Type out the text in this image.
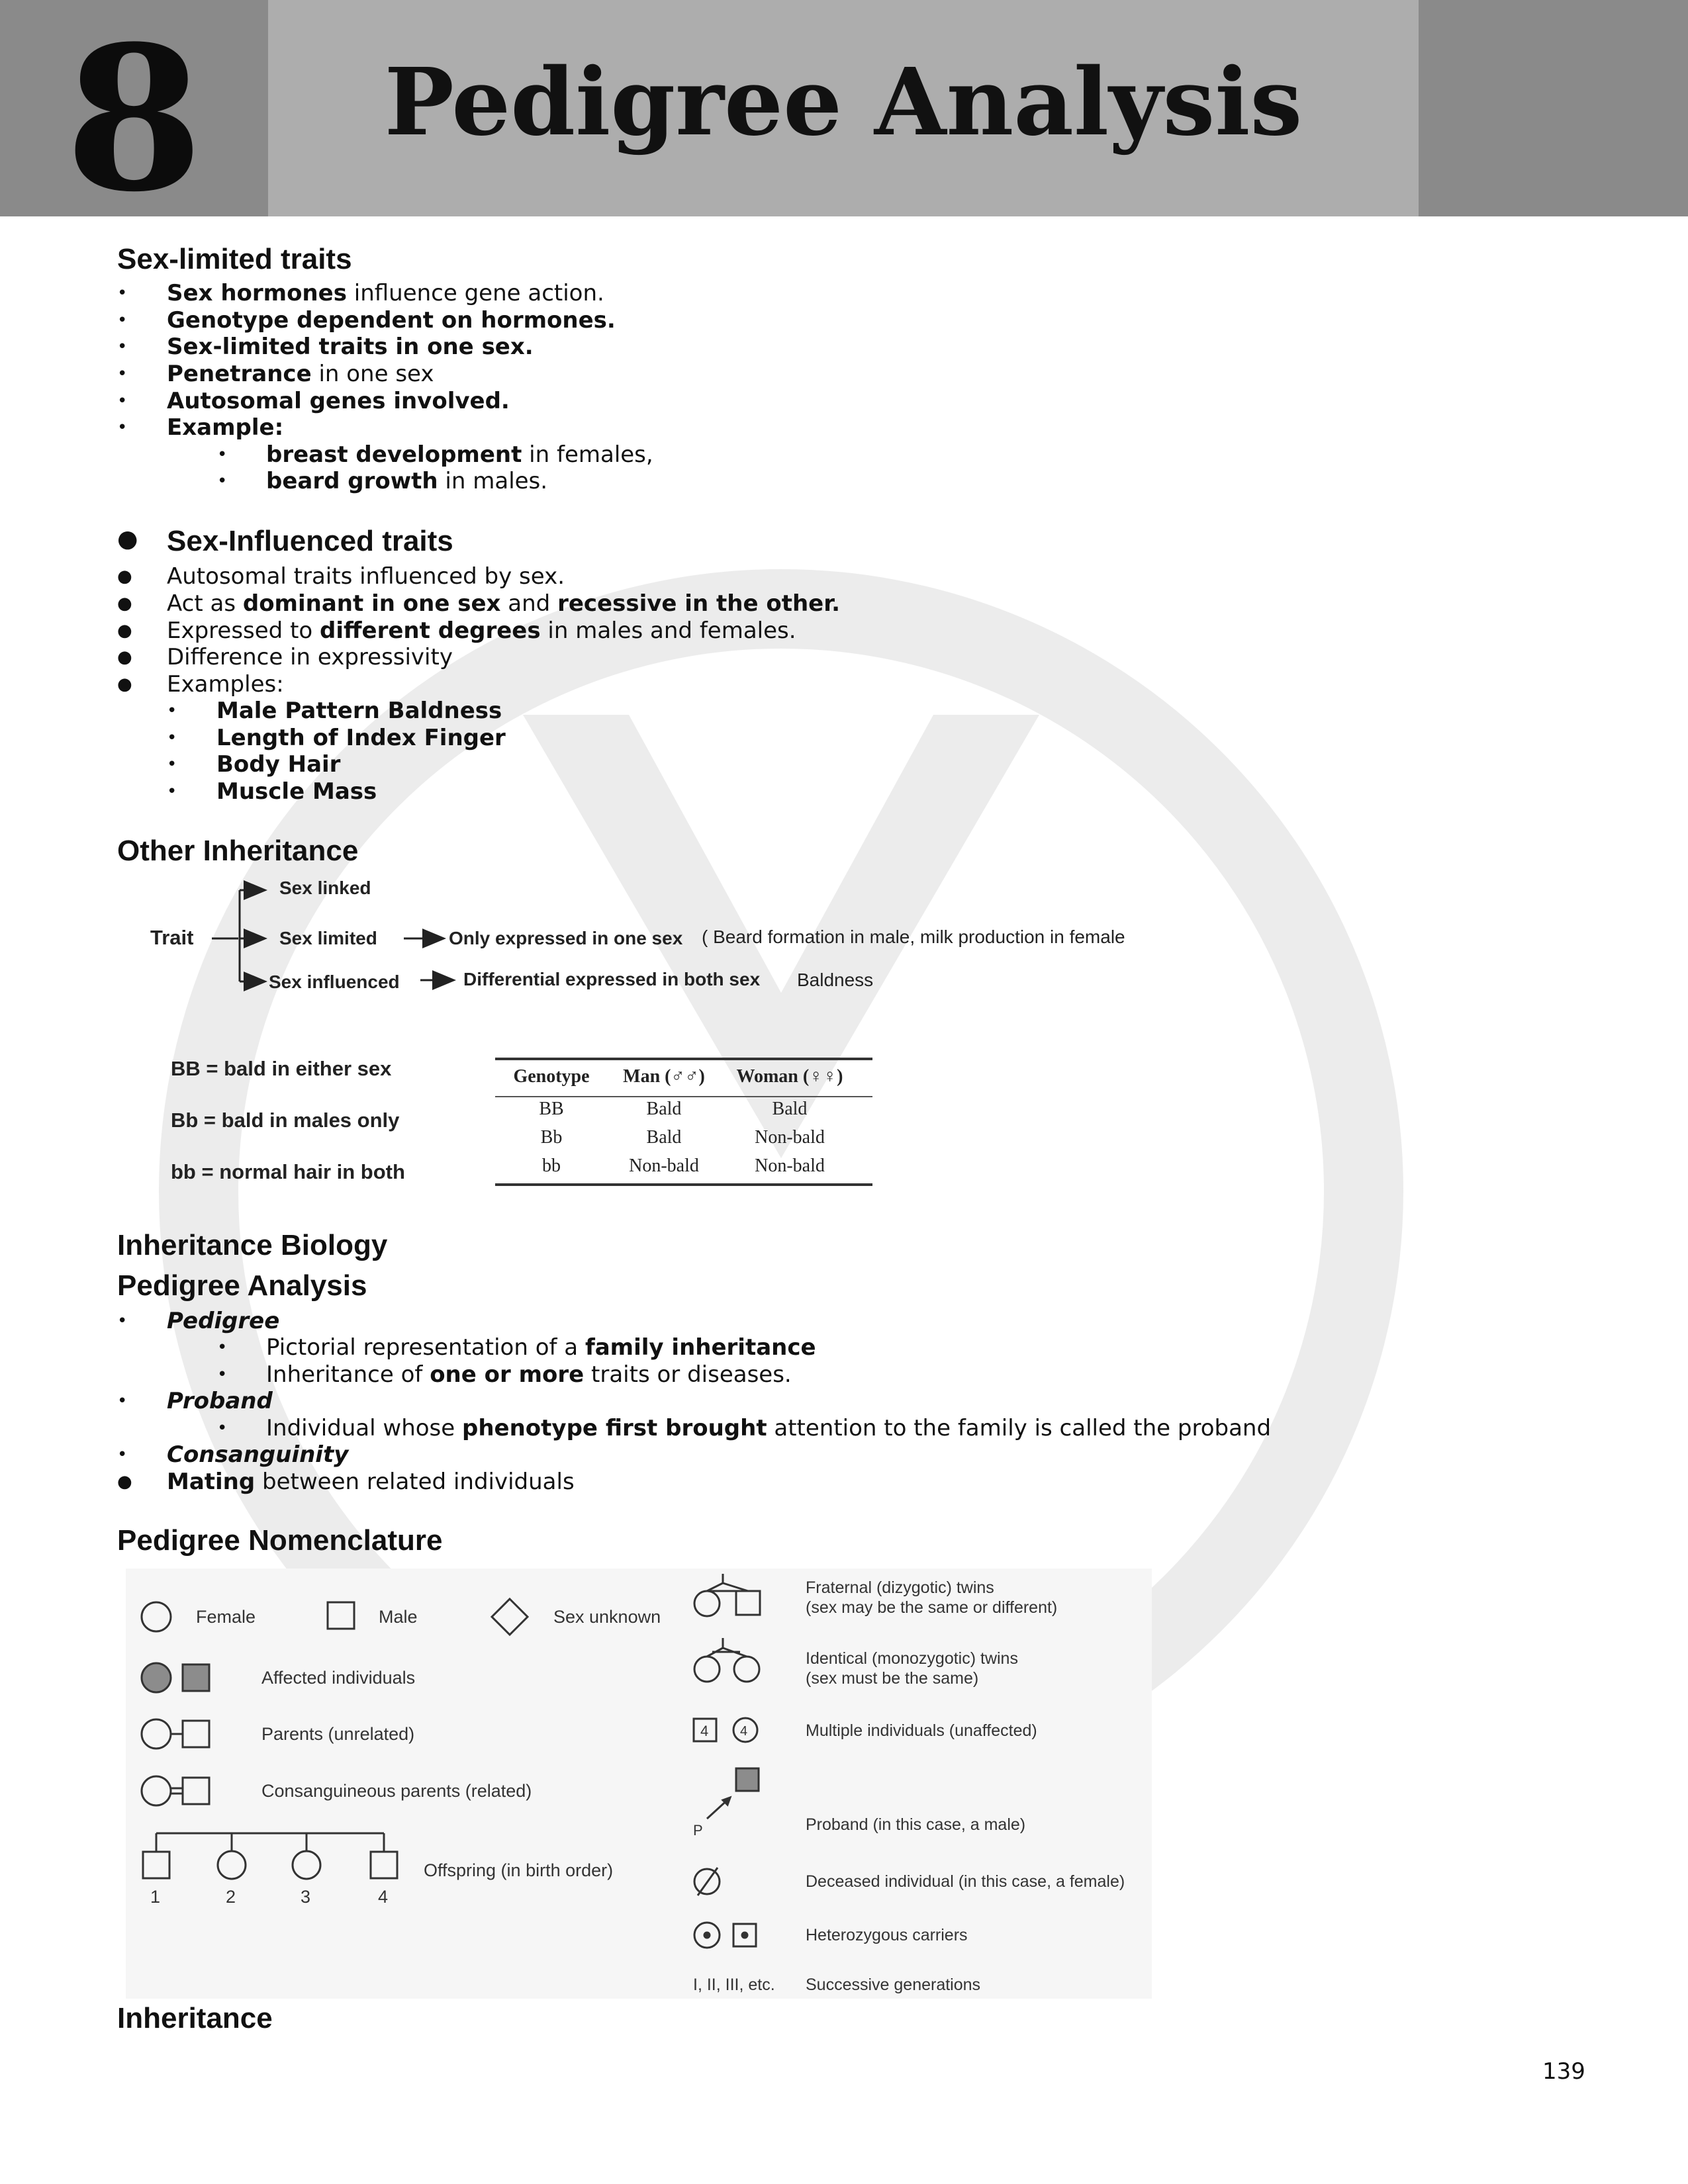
8	Pedigree Analysis
Sex-limited traits
• Sex hormones influence gene action.
• Genotype dependent on hormones.
• Sex-limited traits in one sex.
• Penetrance in one sex
• Autosomal genes involved.
• Example:
• breast development in females,
• beard growth in males.
● Sex-Influenced traits
● Autosomal traits influenced by sex.
● Act as dominant in one sex and recessive in the other.
● Expressed to different degrees in males and females.
● Difference in expressivity
● Examples:
• Male Pattern Baldness
• Length of Index Finger
• Body Hair
• Muscle Mass
Other Inheritance
Trait
Sex linked
Sex limited
Sex influenced
Only expressed in one sex ( Beard formation in male, milk production in female
Differential expressed in both sex Baldness
BB = bald in either sex
Bb = bald in males only
bb = normal hair in both
Genotype	Man (♂♂)	Woman (♀♀)
BB	Bald	Bald
Bb	Bald	Non-bald
bb	Non-bald	Non-bald
Inheritance Biology
Pedigree Analysis
• Pedigree
• Pictorial representation of a family inheritance
• Inheritance of one or more traits or diseases.
• Proband
• Individual whose phenotype first brought attention to the family is called the proband
• Consanguinity
● Mating between related individuals
Pedigree Nomenclature
Female	Male	Sex unknown
Affected individuals
Parents (unrelated)
Consanguineous parents (related)
Offspring (in birth order)
1	2	3	4
Fraternal (dizygotic) twins
(sex may be the same or different)
Identical (monozygotic) twins
(sex must be the same)
4 4	Multiple individuals (unaffected)
P	Proband (in this case, a male)
Deceased individual (in this case, a female)
Heterozygous carriers
I, II, III, etc. Successive generations
Inheritance
139
